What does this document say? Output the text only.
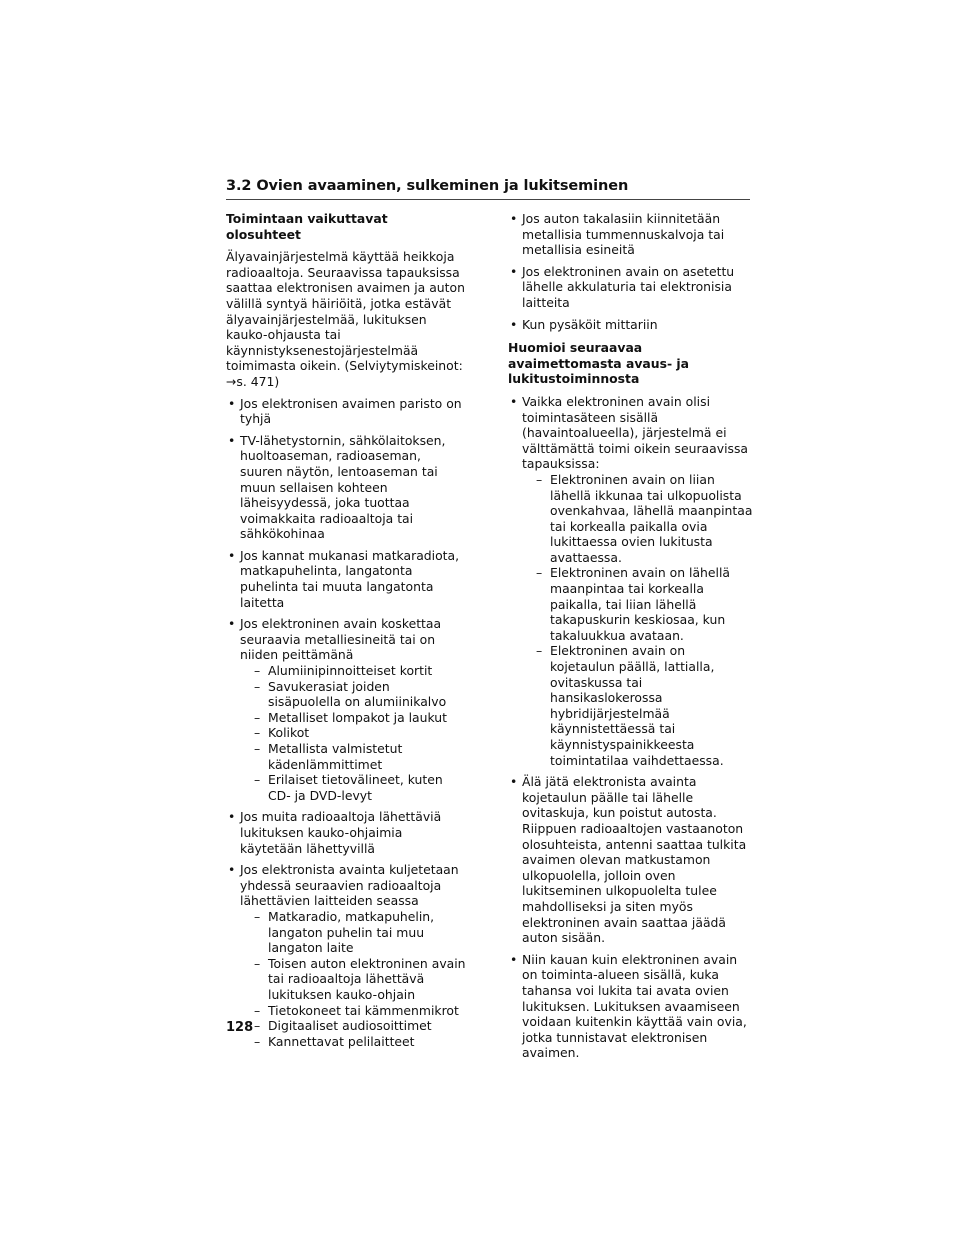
3.2 Ovien avaaminen, sulkeminen ja lukitseminen
Toimintaan vaikuttavat olosuhteet
Älyavainjärjestelmä käyttää heikkoja radioaaltoja. Seuraavissa tapauksissa saattaa elektronisen avaimen ja auton välillä syntyä häiriöitä, jotka estävät älyavainjärjestelmää, lukituksen kauko-ohjausta tai käynnistyksenestojärjestelmää toimimasta oikein. (Selviytymiskeinot: →s. 471)
• Jos elektronisen avaimen paristo on tyhjä
• TV-lähetystornin, sähkölaitoksen, huoltoaseman, radioaseman, suuren näytön, lentoaseman tai muun sellaisen kohteen läheisyydessä, joka tuottaa voimakkaita radioaaltoja tai sähkökohinaa
• Jos kannat mukanasi matkaradiota, matkapuhelinta, langatonta puhelinta tai muuta langatonta laitetta
• Jos elektroninen avain koskettaa seuraavia metalliesineitä tai on niiden peittämänä
– Alumiinipinnoitteiset kortit
– Savukerasiat joiden sisäpuolella on alumiinikalvo
– Metalliset lompakot ja laukut
– Kolikot
– Metallista valmistetut kädenlämmittimet
– Erilaiset tietovälineet, kuten CD- ja DVD-levyt
• Jos muita radioaaltoja lähettäviä lukituksen kauko-ohjaimia käytetään lähettyvillä
• Jos elektronista avainta kuljetetaan yhdessä seuraavien radioaaltoja lähettävien laitteiden seassa
– Matkaradio, matkapuhelin, langaton puhelin tai muu langaton laite
– Toisen auton elektroninen avain tai radioaaltoja lähettävä lukituksen kauko-ohjain
– Tietokoneet tai kämmenmikrot
– Digitaaliset audiosoittimet
– Kannettavat pelilaitteet
• Jos auton takalasiin kiinnitetään metallisia tummennuskalvoja tai metallisia esineitä
• Jos elektroninen avain on asetettu lähelle akkulaturia tai elektronisia laitteita
• Kun pysäköit mittariin
Huomioi seuraavaa avaimettomasta avaus- ja lukitustoiminnosta
• Vaikka elektroninen avain olisi toimintasäteen sisällä (havaintoalueella), järjestelmä ei välttämättä toimi oikein seuraavissa tapauksissa:
– Elektroninen avain on liian lähellä ikkunaa tai ulkopuolista ovenkahvaa, lähellä maanpintaa tai korkealla paikalla ovia lukittaessa ovien lukitusta avattaessa.
– Elektroninen avain on lähellä maanpintaa tai korkealla paikalla, tai liian lähellä takapuskurin keskiosaa, kun takaluukkua avataan.
– Elektroninen avain on kojetaulun päällä, lattialla, ovitaskussa tai hansikaslokerossa hybridijärjestelmää käynnistettäessä tai käynnistyspainikkeesta toimintatilaa vaihdettaessa.
• Älä jätä elektronista avainta kojetaulun päälle tai lähelle ovitaskuja, kun poistut autosta. Riippuen radioaaltojen vastaanoton olosuhteista, antenni saattaa tulkita avaimen olevan matkustamon ulkopuolella, jolloin oven lukitseminen ulkopuolelta tulee mahdolliseksi ja siten myös elektroninen avain saattaa jäädä auton sisään.
• Niin kauan kuin elektroninen avain on toiminta-alueen sisällä, kuka tahansa voi lukita tai avata ovien lukituksen. Lukituksen avaamiseen voidaan kuitenkin käyttää vain ovia, jotka tunnistavat elektronisen avaimen.
128
